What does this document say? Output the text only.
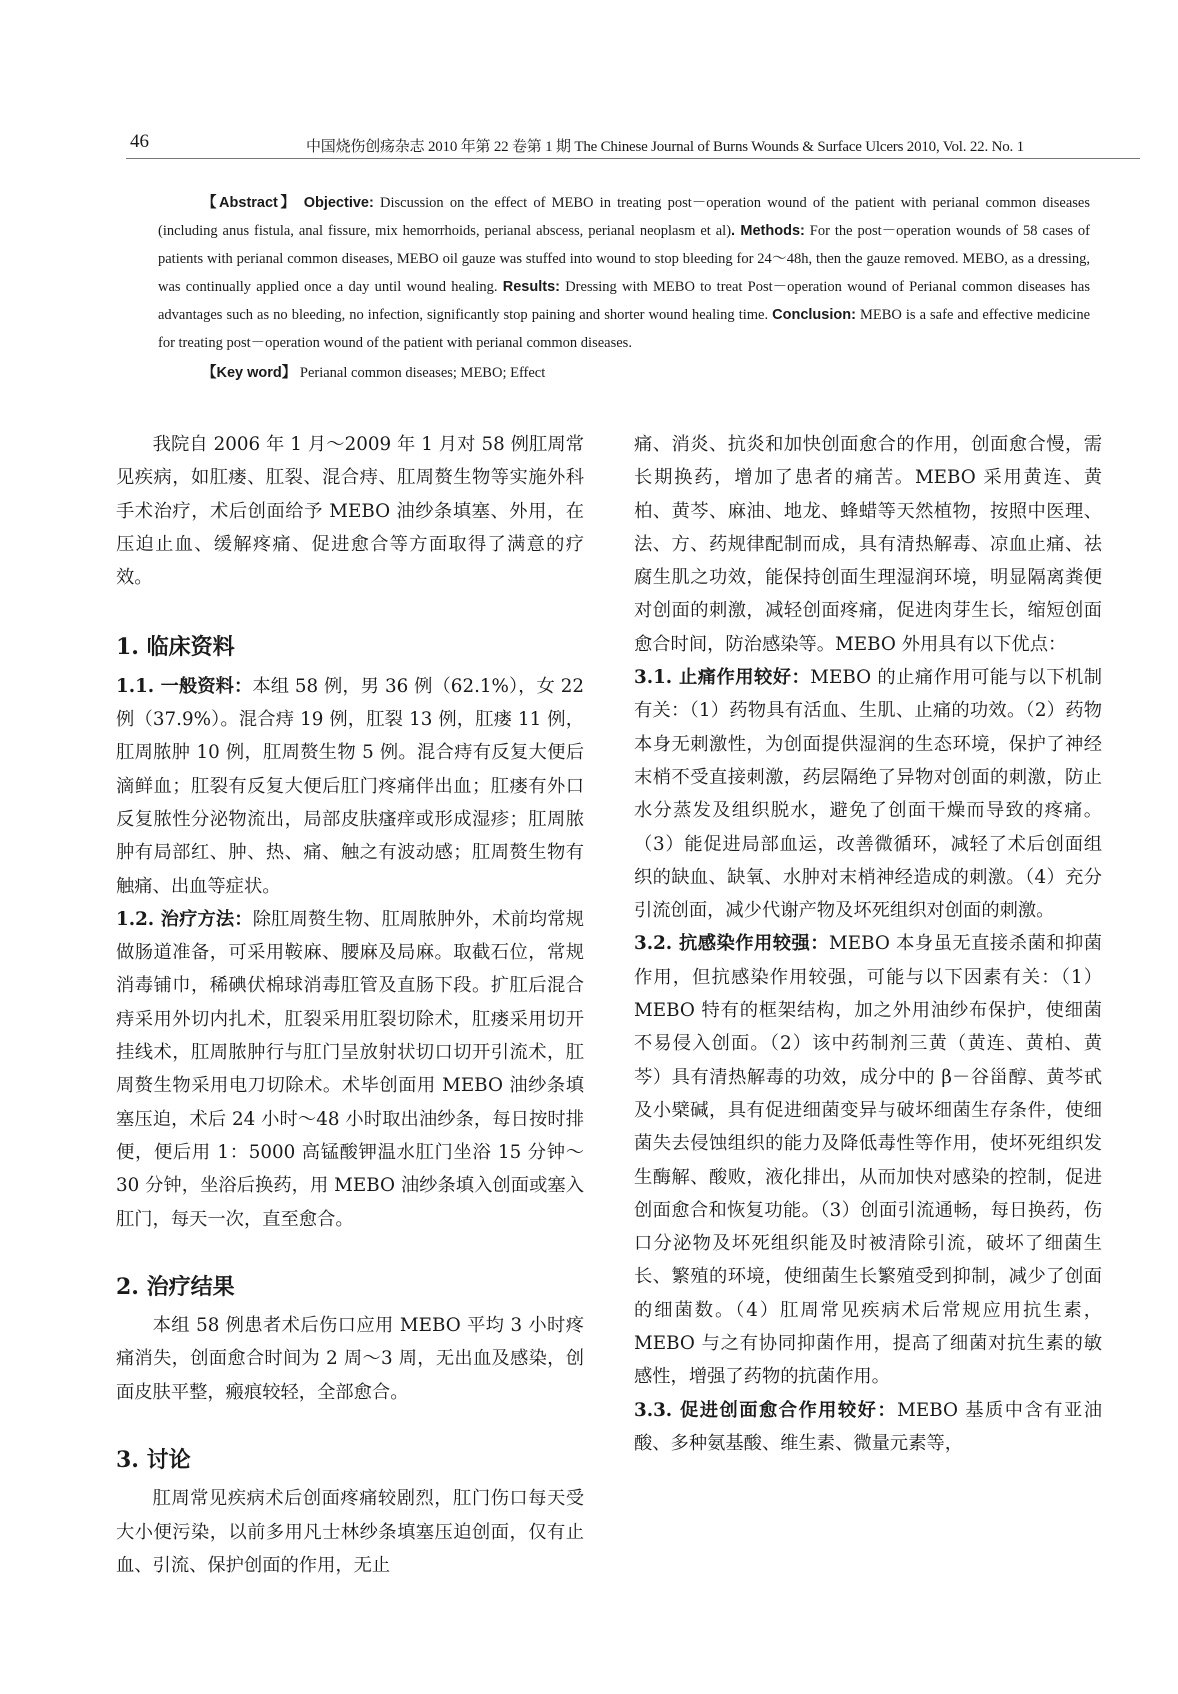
46	中国烧伤创疡杂志 2010 年第 22 卷第 1 期 The Chinese Journal of Burns Wounds & Surface Ulcers 2010, Vol. 22. No. 1

【Abstract】 Objective: Discussion on the effect of MEBO in treating post－operation wound of the patient with perianal common diseases (including anus fistula, anal fissure, mix hemorrhoids, perianal abscess, perianal neoplasm et al). Methods: For the post－operation wounds of 58 cases of patients with perianal common diseases, MEBO oil gauze was stuffed into wound to stop bleeding for 24～48h, then the gauze removed. MEBO, as a dressing, was continually applied once a day until wound healing. Results: Dressing with MEBO to treat Post－operation wound of Perianal common diseases has advantages such as no bleeding, no infection, significantly stop paining and shorter wound healing time. Conclusion: MEBO is a safe and effective medicine for treating post－operation wound of the patient with perianal common diseases.

【Key word】 Perianal common diseases; MEBO; Effect

我院自 2006 年 1 月～2009 年 1 月对 58 例肛周常见疾病，如肛瘘、肛裂、混合痔、肛周赘生物等实施外科手术治疗，术后创面给予 MEBO 油纱条填塞、外用，在压迫止血、缓解疼痛、促进愈合等方面取得了满意的疗效。

1. 临床资料

1.1. 一般资料：本组 58 例，男 36 例（62.1%），女 22 例（37.9%）。混合痔 19 例，肛裂 13 例，肛瘘 11 例，肛周脓肿 10 例，肛周赘生物 5 例。混合痔有反复大便后滴鲜血；肛裂有反复大便后肛门疼痛伴出血；肛瘘有外口反复脓性分泌物流出，局部皮肤瘙痒或形成湿疹；肛周脓肿有局部红、肿、热、痛、触之有波动感；肛周赘生物有触痛、出血等症状。

1.2. 治疗方法：除肛周赘生物、肛周脓肿外，术前均常规做肠道准备，可采用鞍麻、腰麻及局麻。取截石位，常规消毒铺巾，稀碘伏棉球消毒肛管及直肠下段。扩肛后混合痔采用外切内扎术，肛裂采用肛裂切除术，肛瘘采用切开挂线术，肛周脓肿行与肛门呈放射状切口切开引流术，肛周赘生物采用电刀切除术。术毕创面用 MEBO 油纱条填塞压迫，术后 24 小时～48 小时取出油纱条，每日按时排便，便后用 1：5000 高锰酸钾温水肛门坐浴 15 分钟～30 分钟，坐浴后换药，用 MEBO 油纱条填入创面或塞入肛门，每天一次，直至愈合。

2. 治疗结果

本组 58 例患者术后伤口应用 MEBO 平均 3 小时疼痛消失，创面愈合时间为 2 周～3 周，无出血及感染，创面皮肤平整，瘢痕较轻，全部愈合。

3. 讨论

肛周常见疾病术后创面疼痛较剧烈，肛门伤口每天受大小便污染，以前多用凡士林纱条填塞压迫创面，仅有止血、引流、保护创面的作用，无止

痛、消炎、抗炎和加快创面愈合的作用，创面愈合慢，需长期换药，增加了患者的痛苦。MEBO 采用黄连、黄柏、黄芩、麻油、地龙、蜂蜡等天然植物，按照中医理、法、方、药规律配制而成，具有清热解毒、凉血止痛、祛腐生肌之功效，能保持创面生理湿润环境，明显隔离粪便对创面的刺激，减轻创面疼痛，促进肉芽生长，缩短创面愈合时间，防治感染等。MEBO 外用具有以下优点：

3.1. 止痛作用较好：MEBO 的止痛作用可能与以下机制有关：（1）药物具有活血、生肌、止痛的功效。（2）药物本身无刺激性，为创面提供湿润的生态环境，保护了神经末梢不受直接刺激，药层隔绝了异物对创面的刺激，防止水分蒸发及组织脱水，避免了创面干燥而导致的疼痛。（3）能促进局部血运，改善微循环，减轻了术后创面组织的缺血、缺氧、水肿对末梢神经造成的刺激。（4）充分引流创面，减少代谢产物及坏死组织对创面的刺激。

3.2. 抗感染作用较强：MEBO 本身虽无直接杀菌和抑菌作用，但抗感染作用较强，可能与以下因素有关：（1）MEBO 特有的框架结构，加之外用油纱布保护，使细菌不易侵入创面。（2）该中药制剂三黄（黄连、黄柏、黄芩）具有清热解毒的功效，成分中的 β－谷甾醇、黄芩甙及小檗碱，具有促进细菌变异与破坏细菌生存条件，使细菌失去侵蚀组织的能力及降低毒性等作用，使坏死组织发生酶解、酸败，液化排出，从而加快对感染的控制，促进创面愈合和恢复功能。（3）创面引流通畅，每日换药，伤口分泌物及坏死组织能及时被清除引流，破坏了细菌生长、繁殖的环境，使细菌生长繁殖受到抑制，减少了创面的细菌数。（4）肛周常见疾病术后常规应用抗生素，MEBO 与之有协同抑菌作用，提高了细菌对抗生素的敏感性，增强了药物的抗菌作用。

3.3. 促进创面愈合作用较好：MEBO 基质中含有亚油酸、多种氨基酸、维生素、微量元素等，
